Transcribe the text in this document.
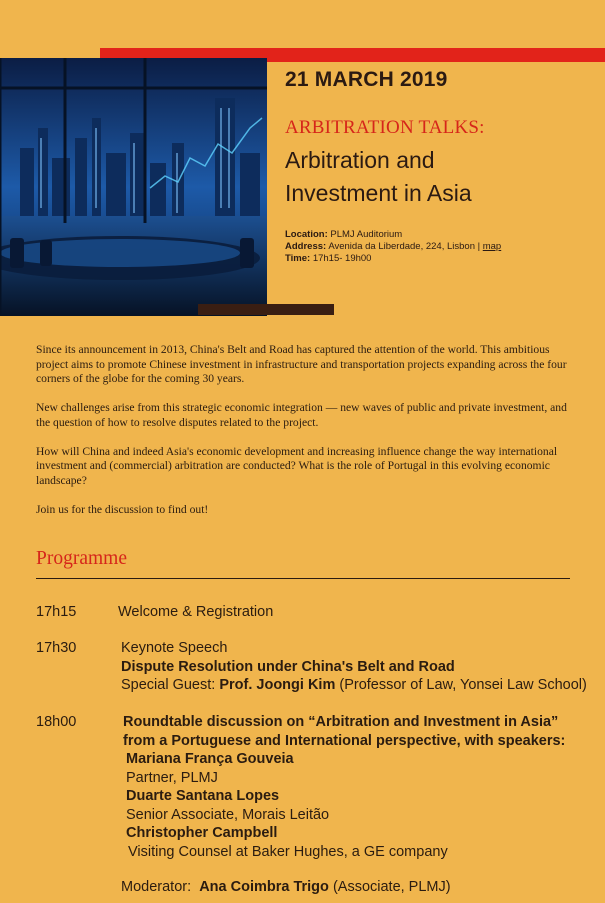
21 MARCH 2019
ARBITRATION TALKS:
Arbitration and
Investment in Asia
Location: PLMJ Auditorium
Address: Avenida da Liberdade, 224, Lisbon | map
Time: 17h15- 19h00

Since its announcement in 2013, China's Belt and Road has captured the attention of the world. This ambitious project aims to promote Chinese investment in infrastructure and transportation projects expanding across the four corners of the globe for the coming 30 years.

New challenges arise from this strategic economic integration — new waves of public and private investment, and the question of how to resolve disputes related to the project.

How will China and indeed Asia's economic development and increasing influence change the way international investment and (commercial) arbitration are conducted? What is the role of Portugal in this evolving economic landscape?

Join us for the discussion to find out!

Programme
17h15	Welcome & Registration
17h30	Keynote Speech
Dispute Resolution under China's Belt and Road
Special Guest: Prof. Joongi Kim (Professor of Law, Yonsei Law School)
18h00	Roundtable discussion on “Arbitration and Investment in Asia”
from a Portuguese and International perspective, with speakers:
Mariana França Gouveia
Partner, PLMJ
Duarte Santana Lopes
Senior Associate, Morais Leitão
Christopher Campbell
Visiting Counsel at Baker Hughes, a GE company
Moderator: Ana Coimbra Trigo (Associate, PLMJ)
